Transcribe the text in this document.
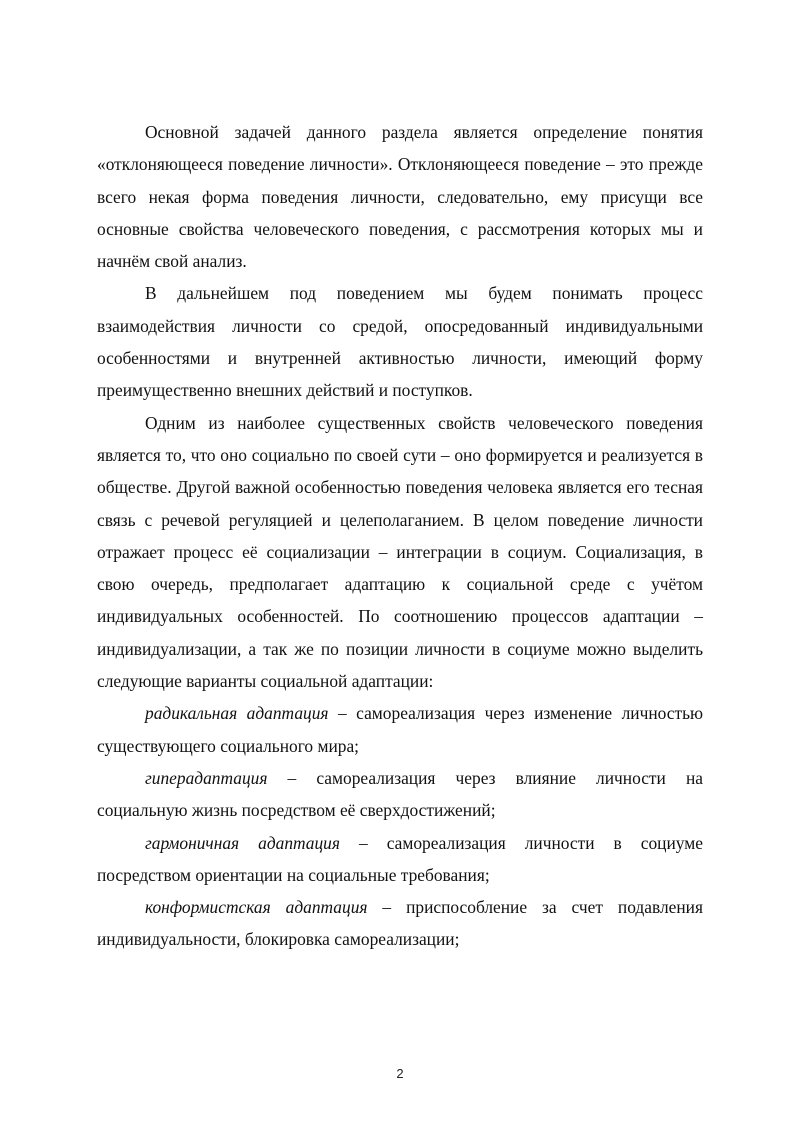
Основной задачей данного раздела является определение понятия «отклоняющееся поведение личности». Отклоняющееся поведение – это прежде всего некая форма поведения личности, следовательно, ему присущи все основные свойства человеческого поведения, с рассмотрения которых мы и начнём свой анализ.

В дальнейшем под поведением мы будем понимать процесс взаимодействия личности со средой, опосредованный индивидуальными особенностями и внутренней активностью личности, имеющий форму преимущественно внешних действий и поступков.

Одним из наиболее существенных свойств человеческого поведения является то, что оно социально по своей сути – оно формируется и реализуется в обществе. Другой важной особенностью поведения человека является его тесная связь с речевой регуляцией и целеполаганием. В целом поведение личности отражает процесс её социализации – интеграции в социум. Социализация, в свою очередь, предполагает адаптацию к социальной среде с учётом индивидуальных особенностей. По соотношению процессов адаптации – индивидуализации, а так же по позиции личности в социуме можно выделить следующие варианты социальной адаптации:

радикальная адаптация – самореализация через изменение личностью существующего социального мира;

гиперадаптация – самореализация через влияние личности на социальную жизнь посредством её сверхдостижений;

гармоничная адаптация – самореализация личности в социуме посредством ориентации на социальные требования;

конформистская адаптация – приспособление за счет подавления индивидуальности, блокировка самореализации;

2
